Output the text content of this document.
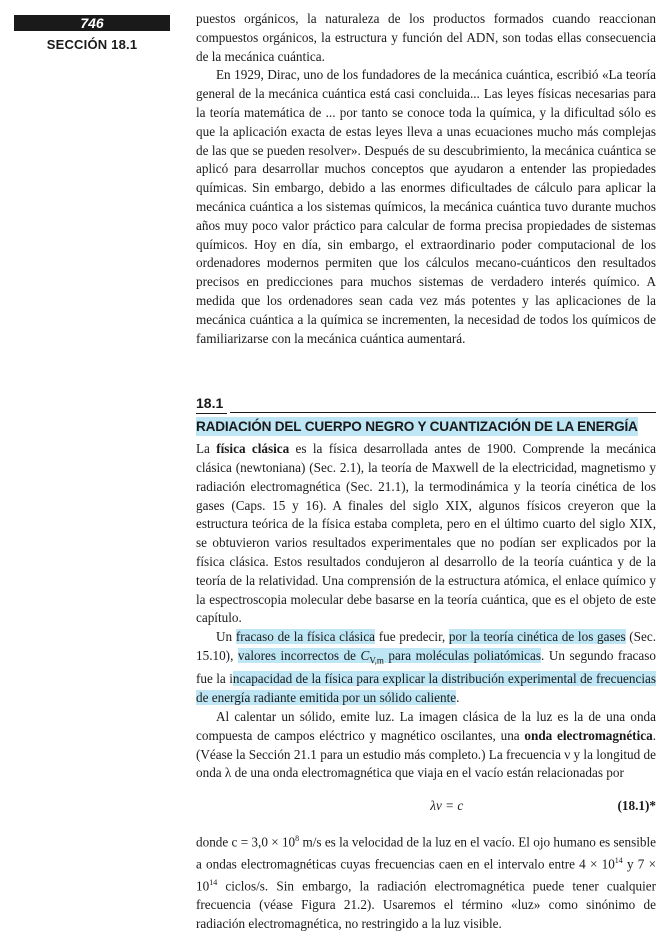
746
SECCIÓN 18.1

puestos orgánicos, la naturaleza de los productos formados cuando reaccionan compuestos orgánicos, la estructura y función del ADN, son todas ellas consecuencia de la mecánica cuántica.

En 1929, Dirac, uno de los fundadores de la mecánica cuántica, escribió «La teoría general de la mecánica cuántica está casi concluida... Las leyes físicas necesarias para la teoría matemática de ... por tanto se conoce toda la química, y la dificultad sólo es que la aplicación exacta de estas leyes lleva a unas ecuaciones mucho más complejas de las que se pueden resolver». Después de su descubrimiento, la mecánica cuántica se aplicó para desarrollar muchos conceptos que ayudaron a entender las propiedades químicas. Sin embargo, debido a las enormes dificultades de cálculo para aplicar la mecánica cuántica a los sistemas químicos, la mecánica cuántica tuvo durante muchos años muy poco valor práctico para calcular de forma precisa propiedades de sistemas químicos. Hoy en día, sin embargo, el extraordinario poder computacional de los ordenadores modernos permiten que los cálculos mecano-cuánticos den resultados precisos en predicciones para muchos sistemas de verdadero interés químico. A medida que los ordenadores sean cada vez más potentes y las aplicaciones de la mecánica cuántica a la química se incrementen, la necesidad de todos los químicos de familiarizarse con la mecánica cuántica aumentará.

18.1
RADIACIÓN DEL CUERPO NEGRO Y CUANTIZACIÓN DE LA ENERGÍA

La física clásica es la física desarrollada antes de 1900. Comprende la mecánica clásica (newtoniana) (Sec. 2.1), la teoría de Maxwell de la electricidad, magnetismo y radiación electromagnética (Sec. 21.1), la termodinámica y la teoría cinética de los gases (Caps. 15 y 16). A finales del siglo XIX, algunos físicos creyeron que la estructura teórica de la física estaba completa, pero en el último cuarto del siglo XIX, se obtuvieron varios resultados experimentales que no podían ser explicados por la física clásica. Estos resultados condujeron al desarrollo de la teoría cuántica y de la teoría de la relatividad. Una comprensión de la estructura atómica, el enlace químico y la espectroscopia molecular debe basarse en la teoría cuántica, que es el objeto de este capítulo.

Un fracaso de la física clásica fue predecir, por la teoría cinética de los gases (Sec. 15.10), valores incorrectos de $C_{V,m}$ para moléculas poliatómicas. Un segundo fracaso fue la incapacidad de la física para explicar la distribución experimental de frecuencias de energía radiante emitida por un sólido caliente.

Al calentar un sólido, emite luz. La imagen clásica de la luz es la de una onda compuesta de campos eléctrico y magnético oscilantes, una onda electromagnética. (Véase la Sección 21.1 para un estudio más completo.) La frecuencia ν y la longitud de onda λ de una onda electromagnética que viaja en el vacío están relacionadas por

λν = c	(18.1)*

donde $c = 3,0 \times 10^8$ m/s es la velocidad de la luz en el vacío. El ojo humano es sensible a ondas electromagnéticas cuyas frecuencias caen en el intervalo entre $4 \times 10^{14}$ y $7 \times 10^{14}$ ciclos/s. Sin embargo, la radiación electromagnética puede tener cualquier frecuencia (véase Figura 21.2). Usaremos el término «luz» como sinónimo de radiación electromagnética, no restringido a la luz visible.
